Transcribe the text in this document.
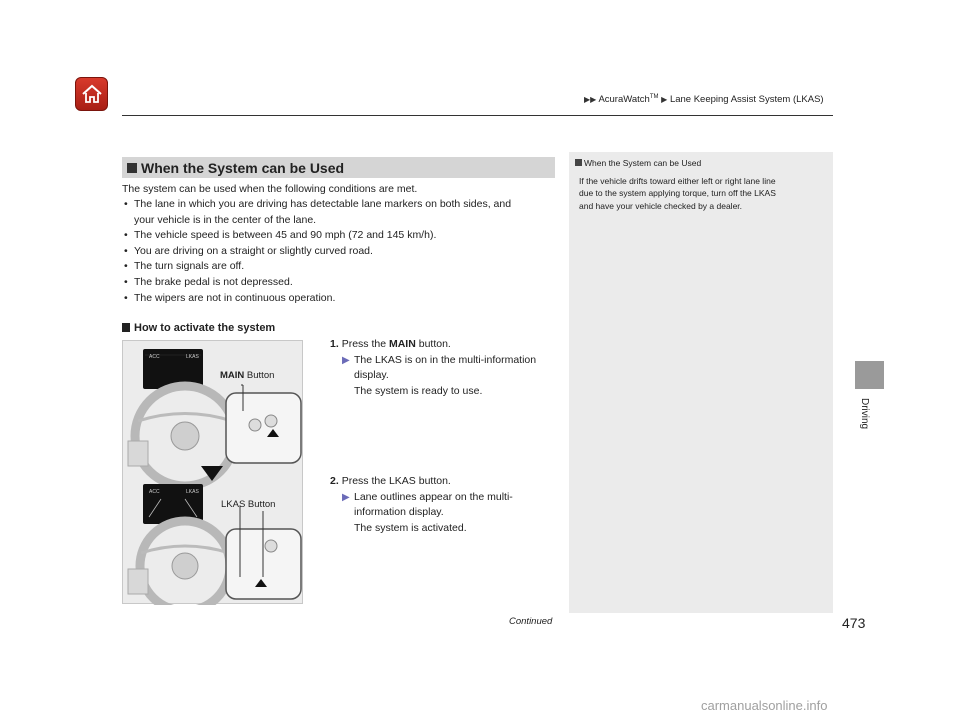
▶▶ AcuraWatch™ ▶ Lane Keeping Assist System (LKAS)
Driving
When the System can be Used
The system can be used when the following conditions are met.
• The lane in which you are driving has detectable lane markers on both sides, and
your vehicle is in the center of the lane.
• The vehicle speed is between 45 and 90 mph (72 and 145 km/h).
• You are driving on a straight or slightly curved road.
• The turn signals are off.
• The brake pedal is not depressed.
• The wipers are not in continuous operation.
How to activate the system
ACC	LKAS
ACC	LKAS
MAIN Button
LKAS Button
1. Press the MAIN button.
▶ The LKAS is on in the multi-information
display.
The system is ready to use.
2. Press the LKAS button.
▶ Lane outlines appear on the multi-
information display.
The system is activated.
When the System can be Used
If the vehicle drifts toward either left or right lane line
due to the system applying torque, turn off the LKAS
and have your vehicle checked by a dealer.
Continued	473
carmanualsonline.info
